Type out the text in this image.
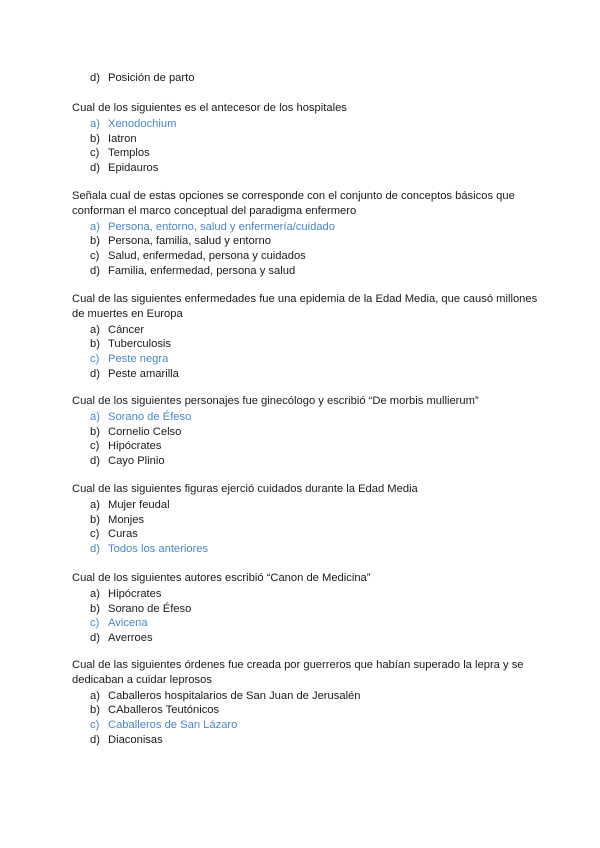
d) Posición de parto

Cual de los siguientes es el antecesor de los hospitales

a) Xenodochium
b) Iatron
c) Templos
d) Epidauros

Señala cual de estas opciones se corresponde con el conjunto de conceptos básicos que conforman el marco conceptual del paradigma enfermero

a) Persona, entorno, salud y enfermería/cuidado
b) Persona, familia, salud y entorno
c) Salud, enfermedad, persona y cuidados
d) Familia, enfermedad, persona y salud

Cual de las siguientes enfermedades fue una epidemia de la Edad Media, que causó millones de muertes en Europa

a) Cáncer
b) Tuberculosis
c) Peste negra
d) Peste amarilla

Cual de los siguientes personajes fue ginecólogo y escribió “De morbis mullierum”

a) Sorano de Éfeso
b) Cornelio Celso
c) Hipócrates
d) Cayo Plinio

Cual de las siguientes figuras ejerció cuidados durante la Edad Media

a) Mujer feudal
b) Monjes
c) Curas
d) Todos los anteriores

Cual de los siguientes autores escribió “Canon de Medicina”

a) Hipócrates
b) Sorano de Éfeso
c) Avicena
d) Averroes

Cual de las siguientes órdenes fue creada por guerreros que habían superado la lepra y se dedicaban a cuidar leprosos

a) Caballeros hospitalarios de San Juan de Jerusalén
b) CAballeros Teutónicos
c) Caballeros de San Lázaro
d) Diaconisas
